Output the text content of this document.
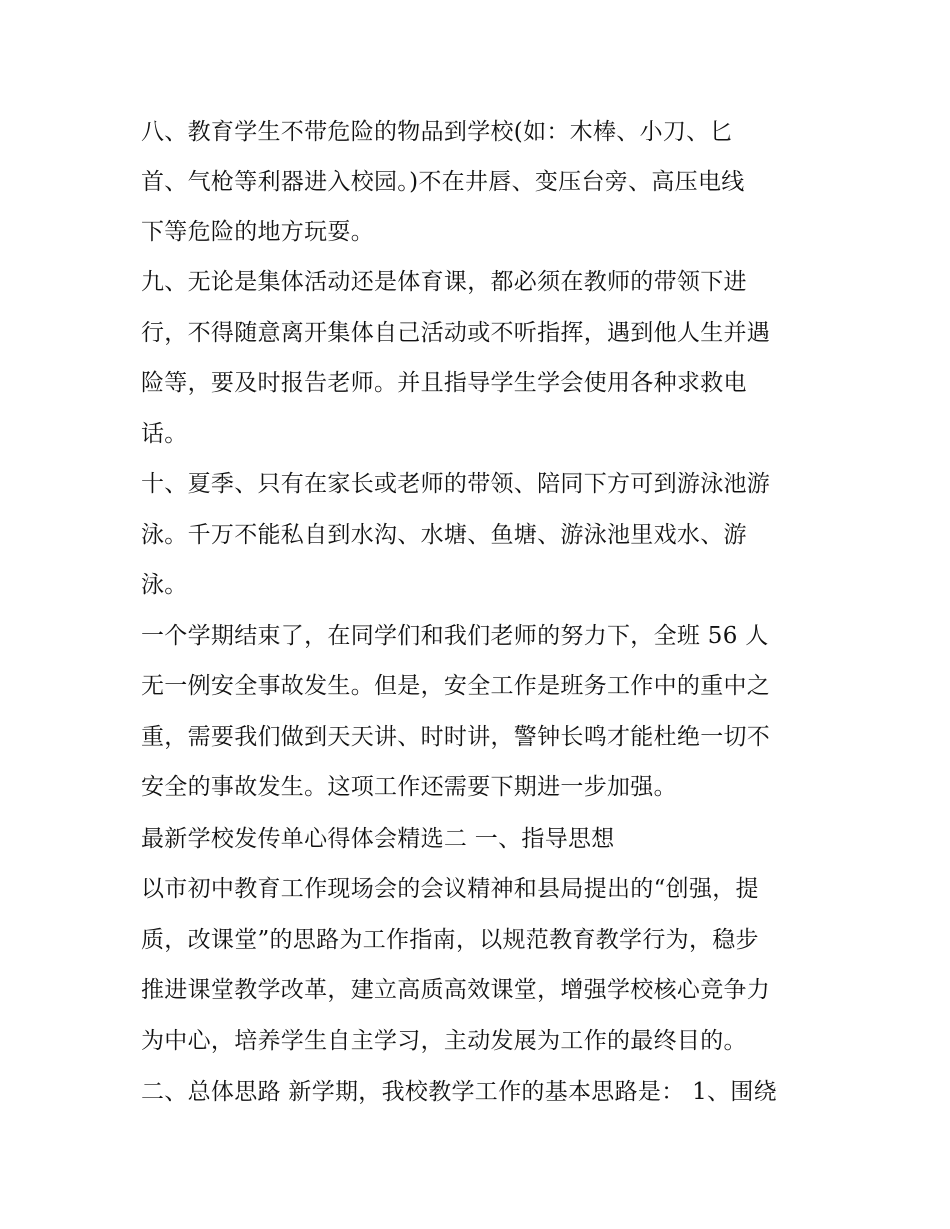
八、教育学生不带危险的物品到学校(如：木棒、小刀、匕
首、气枪等利器进入校园。)不在井唇、变压台旁、高压电线
下等危险的地方玩耍。
九、无论是集体活动还是体育课，都必须在教师的带领下进
行，不得随意离开集体自己活动或不听指挥，遇到他人生并遇
险等，要及时报告老师。并且指导学生学会使用各种求救电
话。
十、夏季、只有在家长或老师的带领、陪同下方可到游泳池游
泳。千万不能私自到水沟、水塘、鱼塘、游泳池里戏水、游
泳。
一个学期结束了，在同学们和我们老师的努力下，全班 56 人
无一例安全事故发生。但是，安全工作是班务工作中的重中之
重，需要我们做到天天讲、时时讲，警钟长鸣才能杜绝一切不
安全的事故发生。这项工作还需要下期进一步加强。
最新学校发传单心得体会精选二 一、指导思想
以市初中教育工作现场会的会议精神和县局提出的“创强，提
质，改课堂”的思路为工作指南，以规范教育教学行为，稳步
推进课堂教学改革，建立高质高效课堂，增强学校核心竞争力
为中心，培养学生自主学习，主动发展为工作的最终目的。
二、总体思路 新学期，我校教学工作的基本思路是： 1、围绕
